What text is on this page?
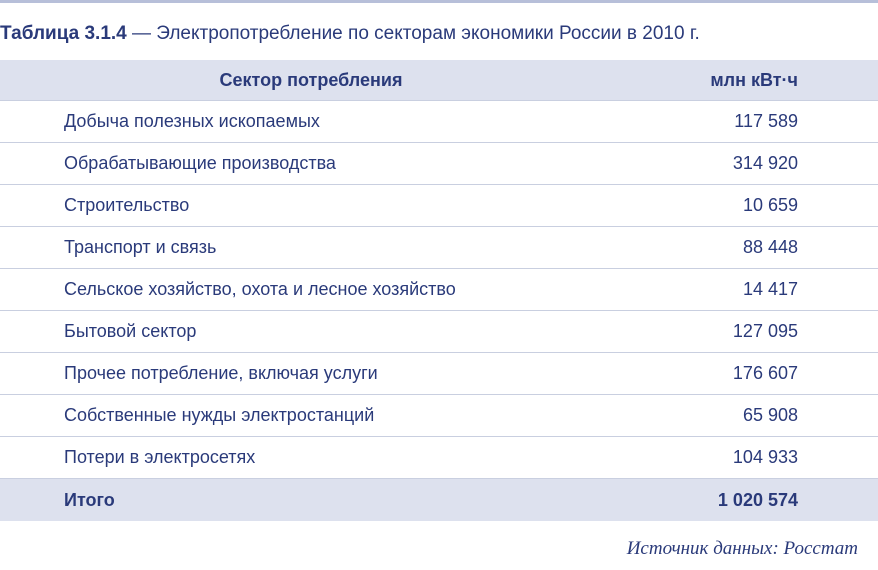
Таблица 3.1.4 — Электропотребление по секторам экономики России в 2010 г.
Сектор потребления	млн кВт·ч
Добыча полезных ископаемых	117 589
Обрабатывающие производства	314 920
Строительство	10 659
Транспорт и связь	88 448
Сельское хозяйство, охота и лесное хозяйство	14 417
Бытовой сектор	127 095
Прочее потребление, включая услуги	176 607
Собственные нужды электростанций	65 908
Потери в электросетях	104 933
Итого	1 020 574
Источник данных: Росстат
